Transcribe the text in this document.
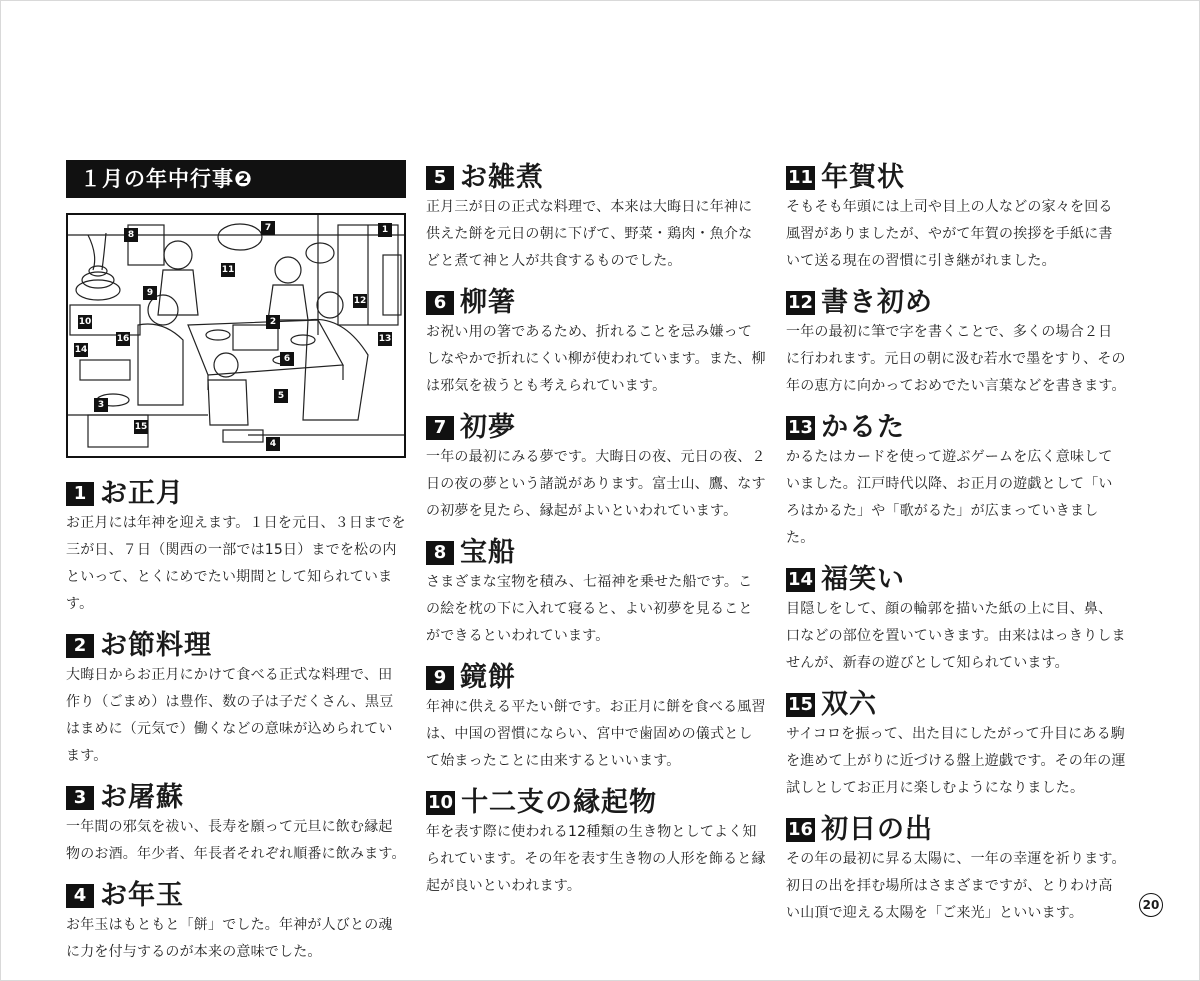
１月の年中行事❷
1
2
3
4
5
6
7
8
9
10
11
12
13
14
15
16
1 お正月

お正月には年神を迎えます。１日を元日、３日までを三が日、７日（関西の一部では15日）までを松の内といって、とくにめでたい期間として知られています。

2 お節料理

大晦日からお正月にかけて食べる正式な料理で、田作り（ごまめ）は豊作、数の子は子だくさん、黒豆はまめに（元気で）働くなどの意味が込められています。

3 お屠蘇

一年間の邪気を祓い、長寿を願って元旦に飲む縁起物のお酒。年少者、年長者それぞれ順番に飲みます。

4 お年玉

お年玉はもともと「餅」でした。年神が人びとの魂に力を付与するのが本来の意味でした。

5 お雑煮

正月三が日の正式な料理で、本来は大晦日に年神に供えた餅を元日の朝に下げて、野菜・鶏肉・魚介などと煮て神と人が共食するものでした。

6 柳箸

お祝い用の箸であるため、折れることを忌み嫌ってしなやかで折れにくい柳が使われています。また、柳は邪気を祓うとも考えられています。

7 初夢

一年の最初にみる夢です。大晦日の夜、元日の夜、２日の夜の夢という諸説があります。富士山、鷹、なすの初夢を見たら、縁起がよいといわれています。

8 宝船

さまざまな宝物を積み、七福神を乗せた船です。この絵を枕の下に入れて寝ると、よい初夢を見ることができるといわれています。

9 鏡餅

年神に供える平たい餅です。お正月に餅を食べる風習は、中国の習慣にならい、宮中で歯固めの儀式として始まったことに由来するといいます。

10 十二支の縁起物

年を表す際に使われる12種類の生き物としてよく知られています。その年を表す生き物の人形を飾ると縁起が良いといわれます。

11 年賀状

そもそも年頭には上司や目上の人などの家々を回る風習がありましたが、やがて年賀の挨拶を手紙に書いて送る現在の習慣に引き継がれました。

12 書き初め

一年の最初に筆で字を書くことで、多くの場合２日に行われます。元日の朝に汲む若水で墨をすり、その年の恵方に向かっておめでたい言葉などを書きます。

13 かるた

かるたはカードを使って遊ぶゲームを広く意味していました。江戸時代以降、お正月の遊戯として「いろはかるた」や「歌がるた」が広まっていきました。

14 福笑い

目隠しをして、顔の輪郭を描いた紙の上に目、鼻、口などの部位を置いていきます。由来ははっきりしませんが、新春の遊びとして知られています。

15 双六

サイコロを振って、出た目にしたがって升目にある駒を進めて上がりに近づける盤上遊戯です。その年の運試しとしてお正月に楽しむようになりました。

16 初日の出

その年の最初に昇る太陽に、一年の幸運を祈ります。初日の出を拝む場所はさまざまですが、とりわけ高い山頂で迎える太陽を「ご来光」といいます。	20
